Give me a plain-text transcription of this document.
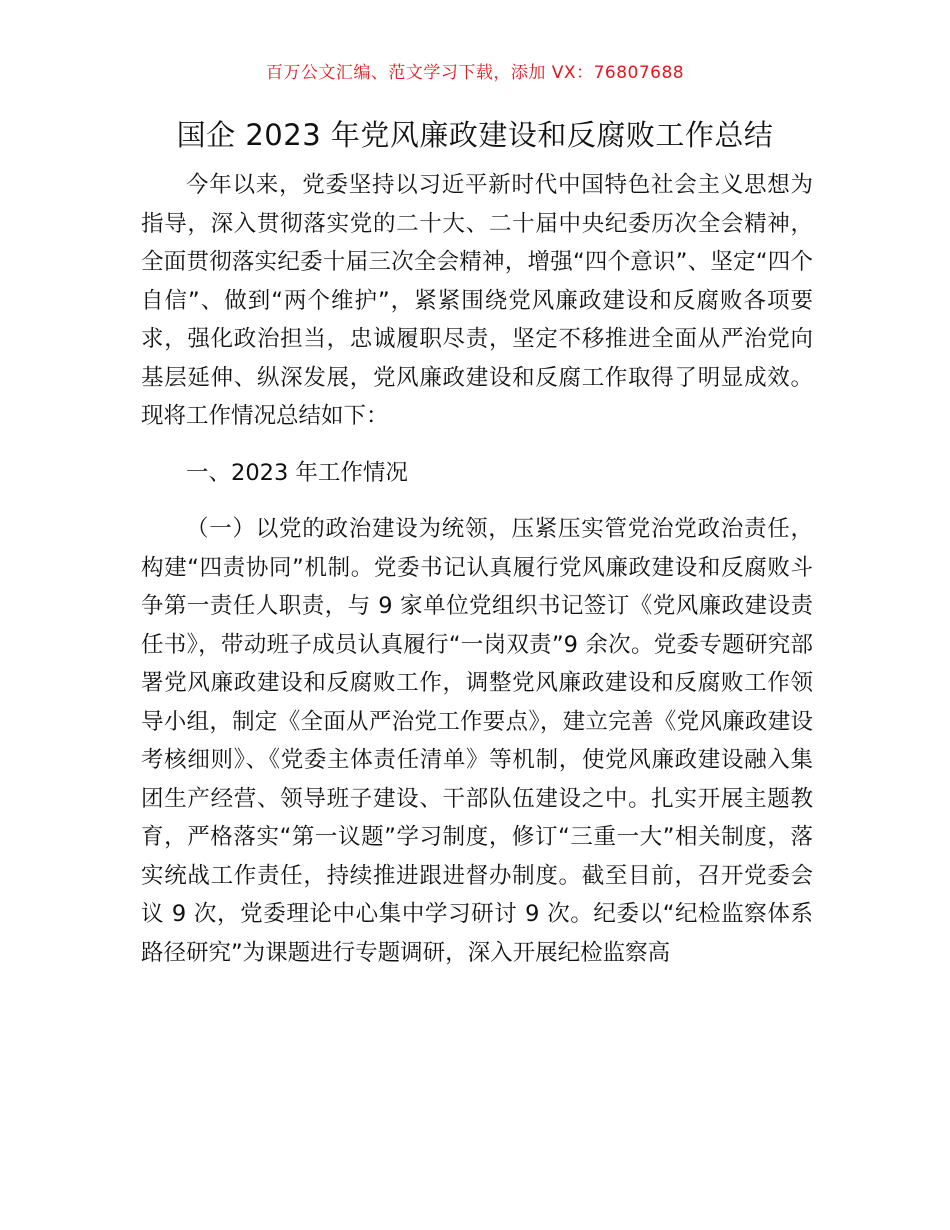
百万公文汇编、范文学习下载，添加 VX：76807688
国企 2023 年党风廉政建设和反腐败工作总结

今年以来，党委坚持以习近平新时代中国特色社会主义思想为指导，深入贯彻落实党的二十大、二十届中央纪委历次全会精神，全面贯彻落实纪委十届三次全会精神，增强“四个意识”、坚定“四个自信”、做到“两个维护”，紧紧围绕党风廉政建设和反腐败各项要求，强化政治担当，忠诚履职尽责，坚定不移推进全面从严治党向基层延伸、纵深发展，党风廉政建设和反腐工作取得了明显成效。现将工作情况总结如下：

一、2023 年工作情况

（一）以党的政治建设为统领，压紧压实管党治党政治责任，构建“四责协同”机制。党委书记认真履行党风廉政建设和反腐败斗争第一责任人职责，与 9 家单位党组织书记签订《党风廉政建设责任书》，带动班子成员认真履行“一岗双责”9 余次。党委专题研究部署党风廉政建设和反腐败工作，调整党风廉政建设和反腐败工作领导小组，制定《全面从严治党工作要点》，建立完善《党风廉政建设考核细则》、《党委主体责任清单》等机制，使党风廉政建设融入集团生产经营、领导班子建设、干部队伍建设之中。扎实开展主题教育，严格落实“第一议题”学习制度，修订“三重一大”相关制度，落实统战工作责任，持续推进跟进督办制度。截至目前，召开党委会议 9 次，党委理论中心集中学习研讨 9 次。纪委以“纪检监察体系路径研究”为课题进行专题调研，深入开展纪检监察高
